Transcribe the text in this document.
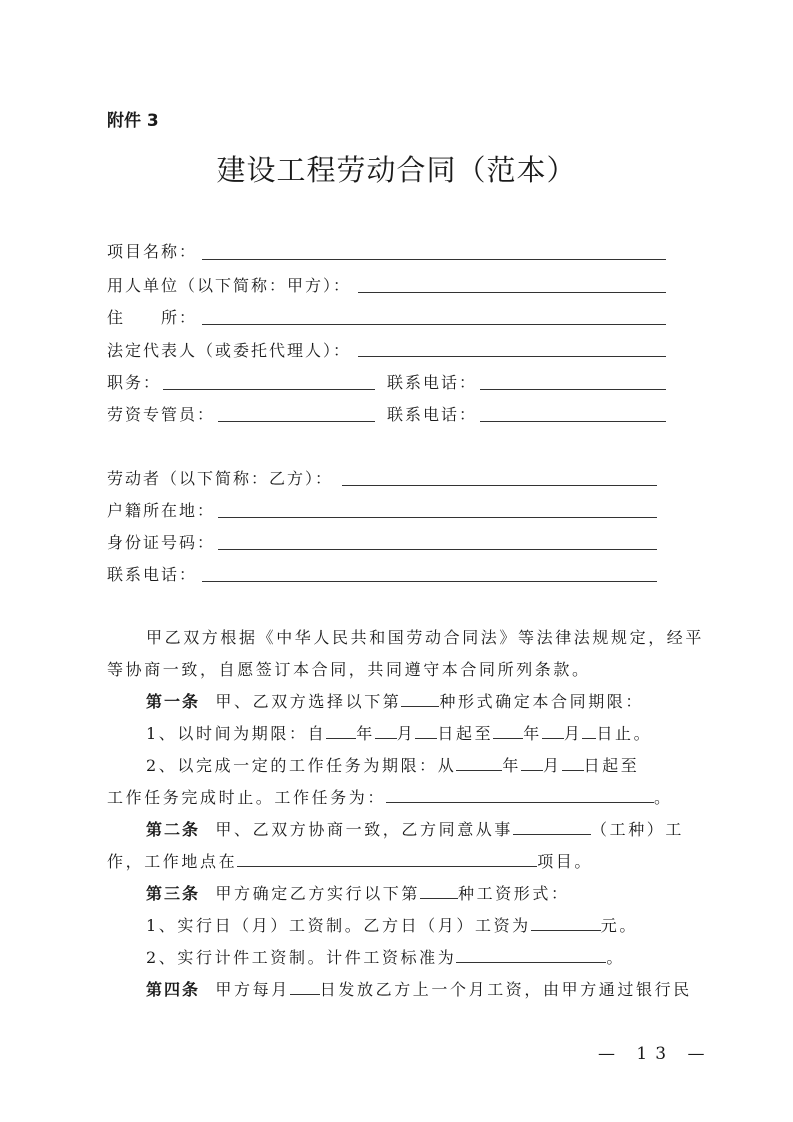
附件 3
建设工程劳动合同（范本）
项目名称：
用人单位（以下简称：甲方）：
住　　所：
法定代表人（或委托代理人）：
职务：	联系电话：
劳资专管员：	联系电话：
劳动者（以下简称：乙方）：
户籍所在地：
身份证号码：
联系电话：
甲乙双方根据《中华人民共和国劳动合同法》等法律法规规定，经平
等协商一致，自愿签订本合同，共同遵守本合同所列条款。
第一条 甲、乙双方选择以下第 种形式确定本合同期限：
1、以时间为期限：自 年 月 日起至 年 月 日止。
2、以完成一定的工作任务为期限：从	年 月 日起至
工作任务完成时止。工作任务为：	。
第二条 甲、乙双方协商一致，乙方同意从事	（工种）工
作，工作地点在	项目。
第三条 甲方确定乙方实行以下第 种工资形式：
1、实行日（月）工资制。乙方日（月）工资为	元。
2、实行计件工资制。计件工资标准为	。
第四条 甲方每月 日发放乙方上一个月工资，由甲方通过银行民
— 13 —
